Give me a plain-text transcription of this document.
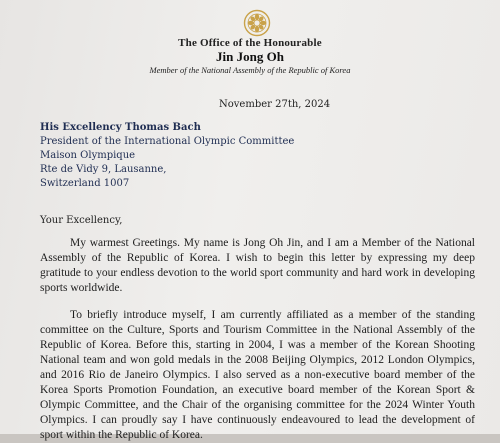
The Office of the Honourable
Jin Jong Oh
Member of the National Assembly of the Republic of Korea
November 27th, 2024
His Excellency Thomas Bach
President of the International Olympic Committee
Maison Olympique
Rte de Vidy 9, Lausanne,
Switzerland 1007
Your Excellency,
My warmest Greetings. My name is Jong Oh Jin, and I am a Member of the National Assembly of the Republic of Korea. I wish to begin this letter by expressing my deep gratitude to your endless devotion to the world sport community and hard work in developing sports worldwide.
To briefly introduce myself, I am currently affiliated as a member of the standing committee on the Culture, Sports and Tourism Committee in the National Assembly of the Republic of Korea. Before this, starting in 2004, I was a member of the Korean Shooting National team and won gold medals in the 2008 Beijing Olympics, 2012 London Olympics, and 2016 Rio de Janeiro Olympics. I also served as a non-executive board member of the Korea Sports Promotion Foundation, an executive board member of the Korean Sport & Olympic Committee, and the Chair of the organising committee for the 2024 Winter Youth Olympics. I can proudly say I have continuously endeavoured to lead the development of sport within the Republic of Korea.
